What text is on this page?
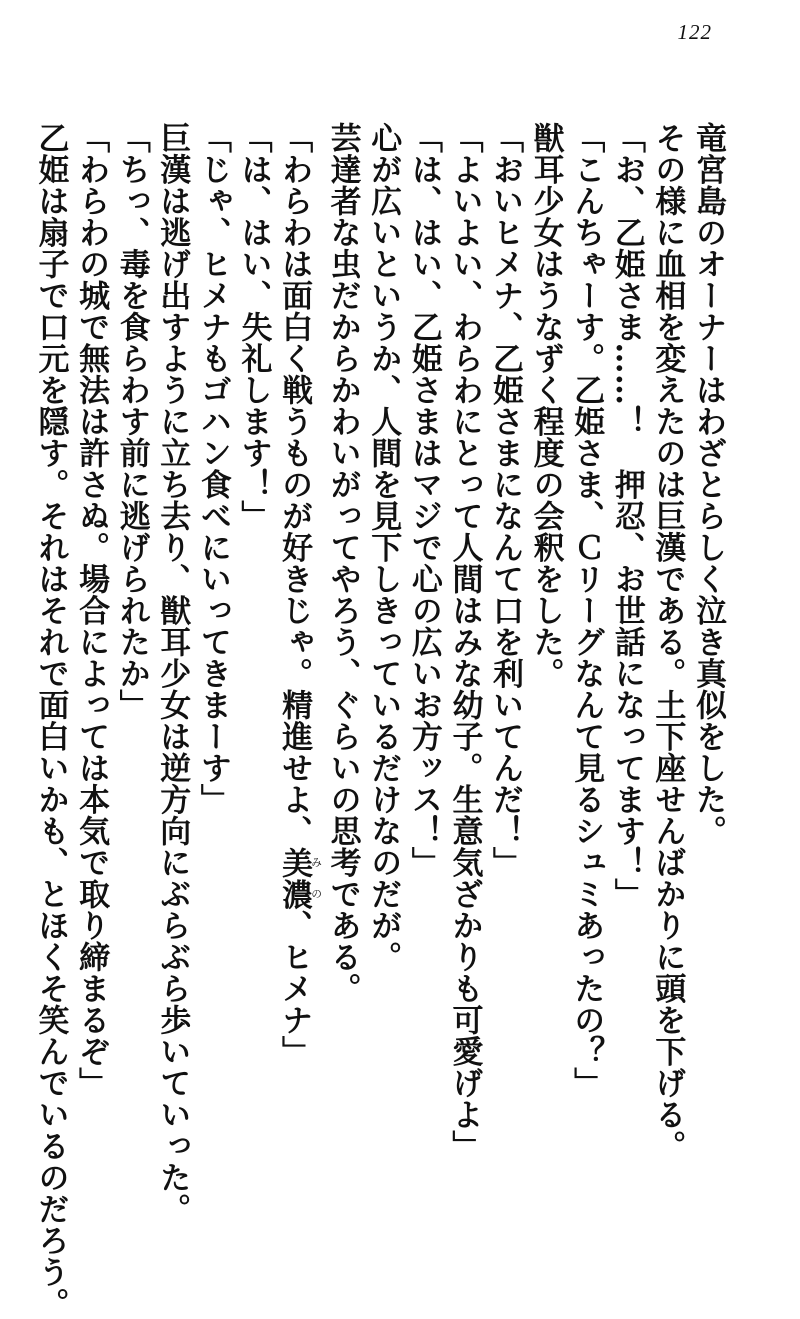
122
竜宮島のオーナーはわざとらしく泣き真似をした。
その様に血相を変えたのは巨漢である。土下座せんばかりに頭を下げる。
「お、乙姫さま……！　押忍、お世話になってます！」
「こんちゃーす。乙姫さま、Ｃリーグなんて見るシュミあったの？」
獣耳少女はうなずく程度の会釈をした。
「おいヒメナ、乙姫さまになんて口を利いてんだ！」
「よいよい、わらわにとって人間はみな幼子。生意気ざかりも可愛げよ」
「は、はい、乙姫さまはマジで心の広いお方ッス！」
心が広いというか、人間を見下しきっているだけなのだが。
芸達者な虫だからかわいがってやろう、ぐらいの思考である。
「わらわは面白く戦うものが好きじゃ。精進せよ、美濃みの、ヒメナ」
「は、はい、失礼します！」
「じゃ、ヒメナもゴハン食べにいってきまーす」
巨漢は逃げ出すように立ち去り、獣耳少女は逆方向にぶらぶら歩いていった。
「ちっ、毒を食らわす前に逃げられたか」
「わらわの城で無法は許さぬ。場合によっては本気で取り締まるぞ」
乙姫は扇子で口元を隠す。それはそれで面白いかも、とほくそ笑んでいるのだろう。
